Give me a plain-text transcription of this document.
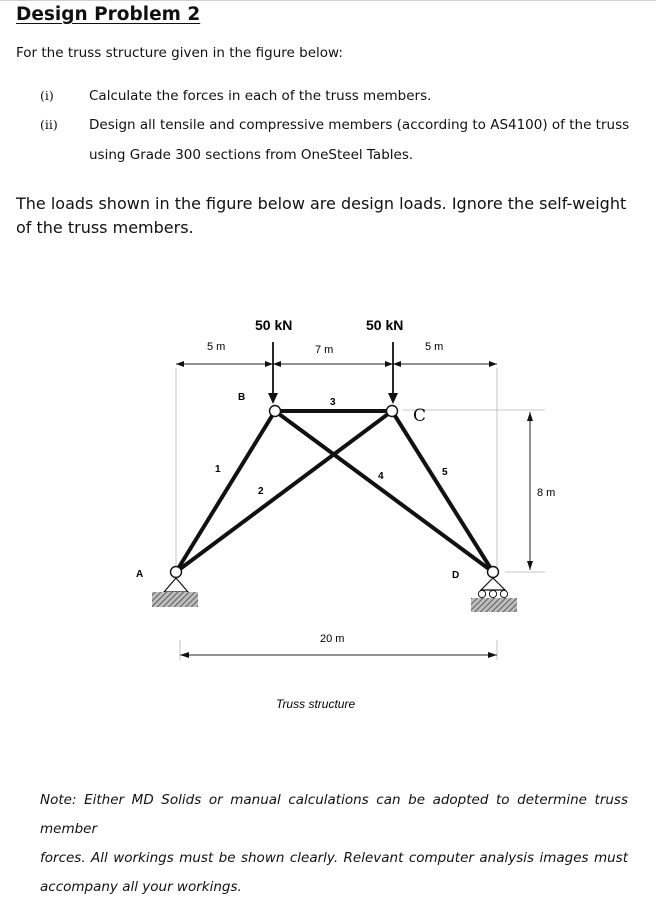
Design Problem 2
For the truss structure given in the figure below:
(i)	Calculate the forces in each of the truss members.
(ii) Design all tensile and compressive members (according to AS4100) of the truss
using Grade 300 sections from OneSteel Tables.
The loads shown in the figure below are design loads. Ignore the self-weight of the truss members.
50 kN	50 kN
5 m	7 m	5 m
20 m
8 m
A
B
C
D
1
2
3
4	5
Truss structure
Note: Either MD Solids or manual calculations can be adopted to determine truss member
forces. All workings must be shown clearly. Relevant computer analysis images must
accompany all your workings.
